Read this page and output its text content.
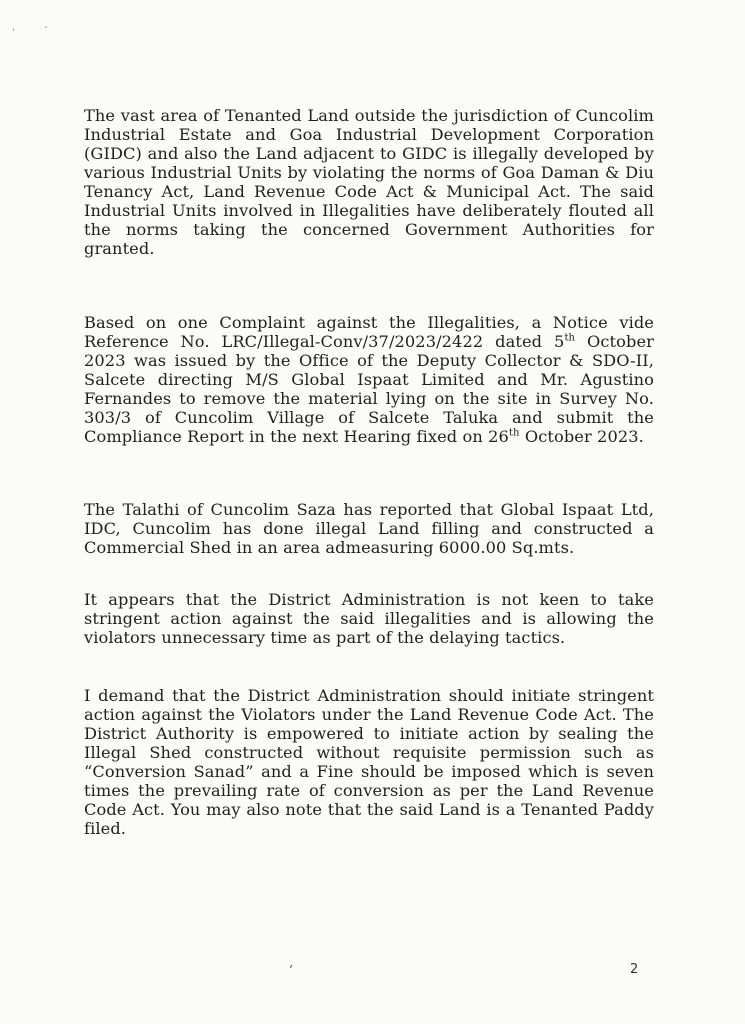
,	-

The vast area of Tenanted Land outside the jurisdiction of Cuncolim Industrial Estate and Goa Industrial Development Corporation (GIDC) and also the Land adjacent to GIDC is illegally developed by various Industrial Units by violating the norms of Goa Daman & Diu Tenancy Act, Land Revenue Code Act & Municipal Act. The said Industrial Units involved in Illegalities have deliberately flouted all the norms taking the concerned Government Authorities for granted.

Based on one Complaint against the Illegalities, a Notice vide Reference No. LRC/Illegal-Conv/37/2023/2422 dated 5th October 2023 was issued by the Office of the Deputy Collector & SDO-II, Salcete directing M/S Global Ispaat Limited and Mr. Agustino Fernandes to remove the material lying on the site in Survey No. 303/3 of Cuncolim Village of Salcete Taluka and submit the Compliance Report in the next Hearing fixed on 26th October 2023.

The Talathi of Cuncolim Saza has reported that Global Ispaat Ltd, IDC, Cuncolim has done illegal Land filling and constructed a Commercial Shed in an area admeasuring 6000.00 Sq.mts.

It appears that the District Administration is not keen to take stringent action against the said illegalities and is allowing the violators unnecessary time as part of the delaying tactics.

I demand that the District Administration should initiate stringent action against the Violators under the Land Revenue Code Act. The District Authority is empowered to initiate action by sealing the Illegal Shed constructed without requisite permission such as “Conversion Sanad” and a Fine should be imposed which is seven times the prevailing rate of conversion as per the Land Revenue Code Act. You may also note that the said Land is a Tenanted Paddy filed.

’	2
